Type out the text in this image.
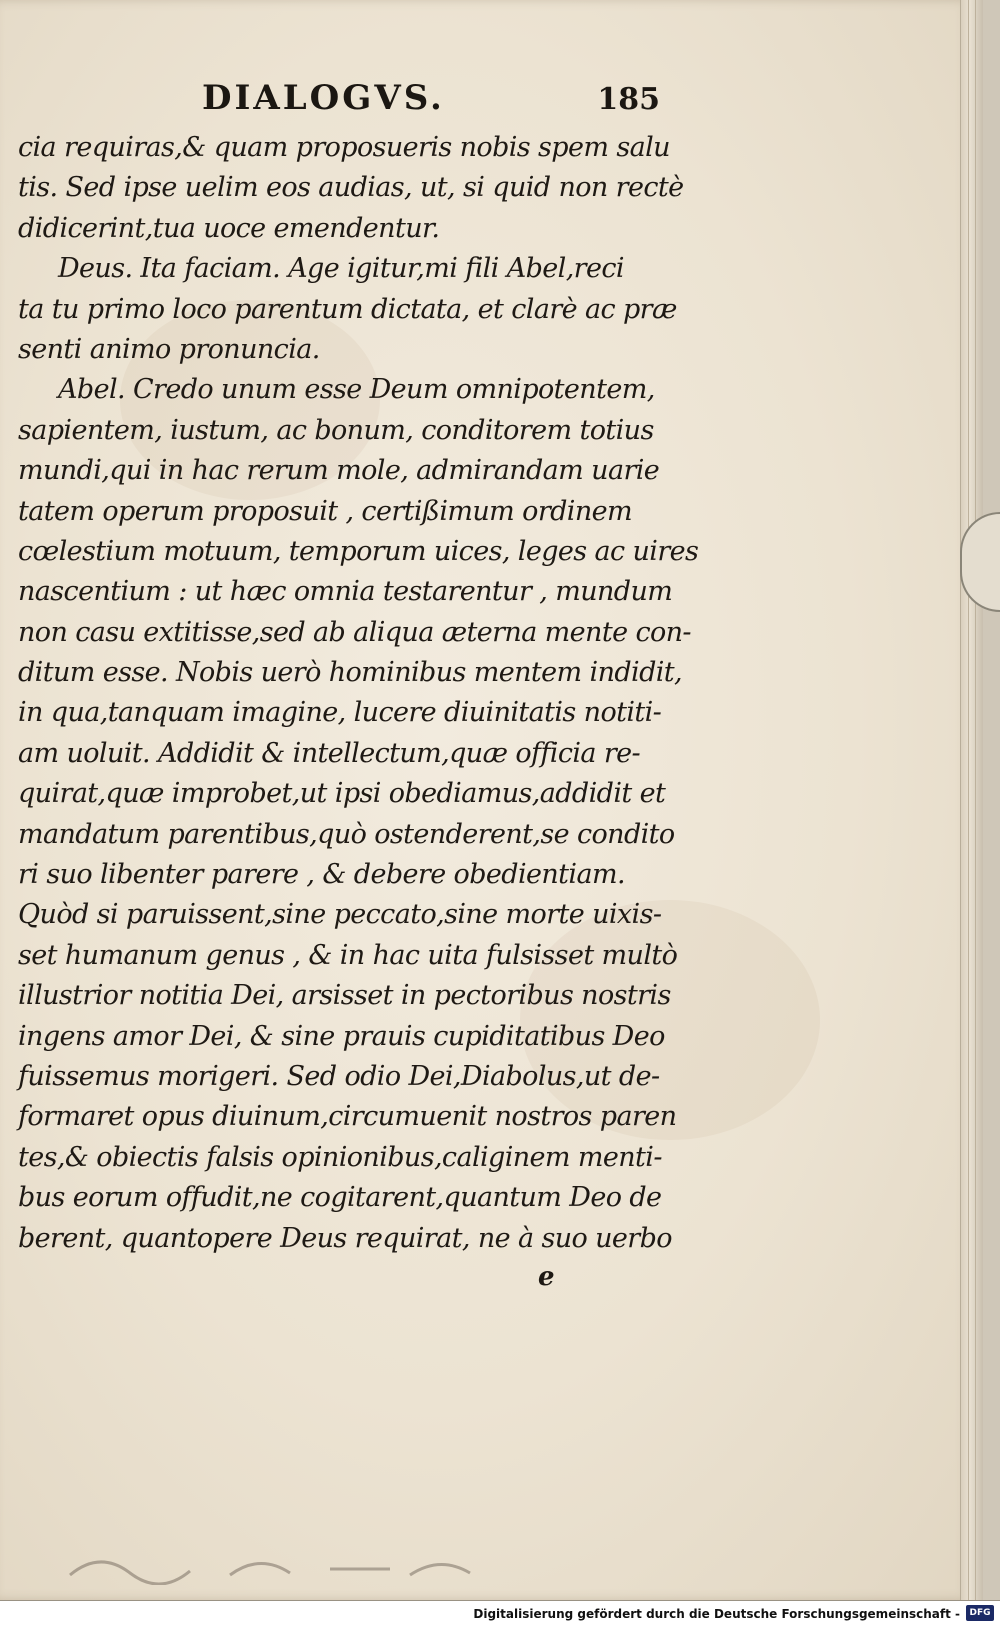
DIALOGVS.	185
cia requiras,& quam proposueris nobis spem salu
tis. Sed ipse uelim eos audias, ut, si quid non rectè
didicerint,tua uoce emendentur.
Deus. Ita faciam. Age igitur,mi fili Abel,reci
ta tu primo loco parentum dictata, et clarè ac præ
senti animo pronuncia.
Abel. Credo unum esse Deum omnipotentem,
sapientem, iustum, ac bonum, conditorem totius
mundi,qui in hac rerum mole, admirandam uarie
tatem operum proposuit , certißimum ordinem
cœlestium motuum, temporum uices, leges ac uires
nascentium : ut hæc omnia testarentur , mundum
non casu extitisse,sed ab aliqua æterna mente con-
ditum esse. Nobis uerò hominibus mentem indidit,
in qua,tanquam imagine, lucere diuinitatis notiti-
am uoluit. Addidit & intellectum,quæ officia re-
quirat,quæ improbet,ut ipsi obediamus,addidit et
mandatum parentibus,quò ostenderent,se condito
ri suo libenter parere , & debere obedientiam.
Quòd si paruissent,sine peccato,sine morte uixis-
set humanum genus , & in hac uita fulsisset multò
illustrior notitia Dei, arsisset in pectoribus nostris
ingens amor Dei, & sine prauis cupiditatibus Deo
fuissemus morigeri. Sed odio Dei,Diabolus,ut de-
formaret opus diuinum,circumuenit nostros paren
tes,& obiectis falsis opinionibus,caliginem menti-
bus eorum offudit,ne cogitarent,quantum Deo de
berent, quantopere Deus requirat, ne à suo uerbo
e
Digitalisierung gefördert durch die Deutsche Forschungsgemeinschaft -	DFG
